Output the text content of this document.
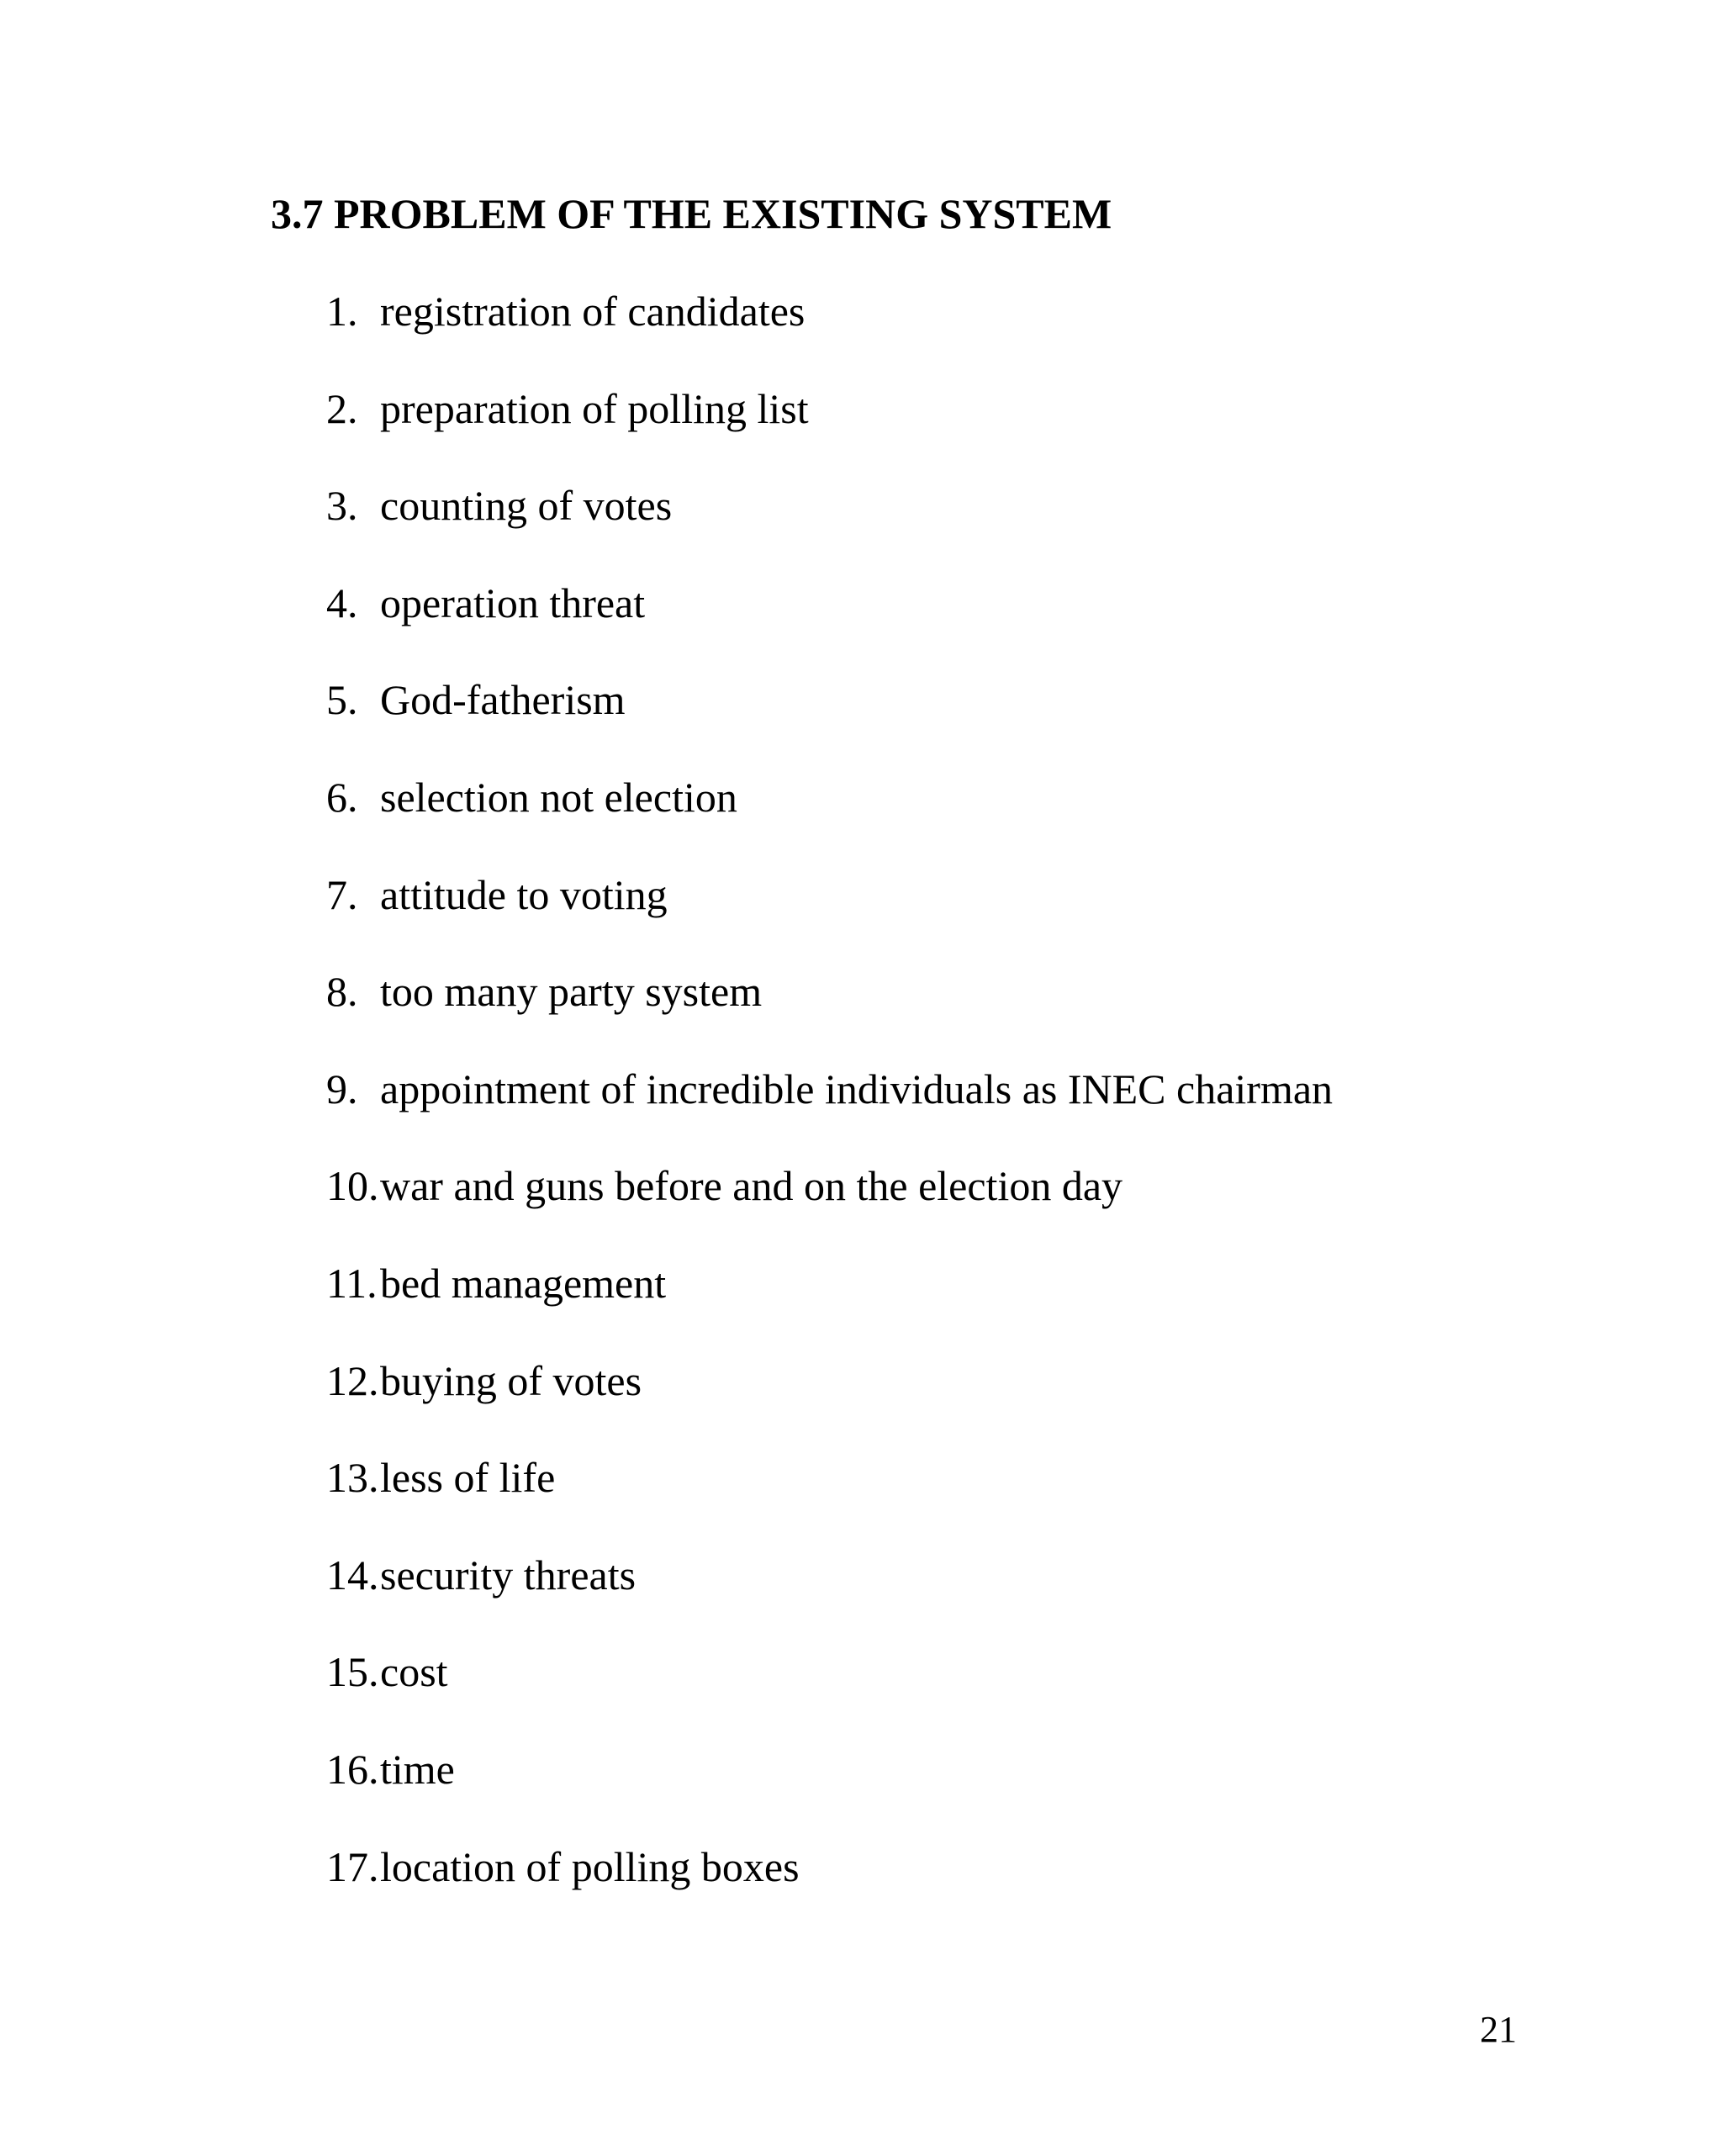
3.7 PROBLEM OF THE EXISTING SYSTEM
1. registration of candidates
2. preparation of polling list
3. counting of votes
4. operation threat
5. God-fatherism
6. selection not election
7. attitude to voting
8. too many party system
9. appointment of incredible individuals as INEC chairman
10. war and guns before and on the election day
11. bed management
12. buying of votes
13. less of life
14. security threats
15. cost
16. time
17. location of polling boxes
21
